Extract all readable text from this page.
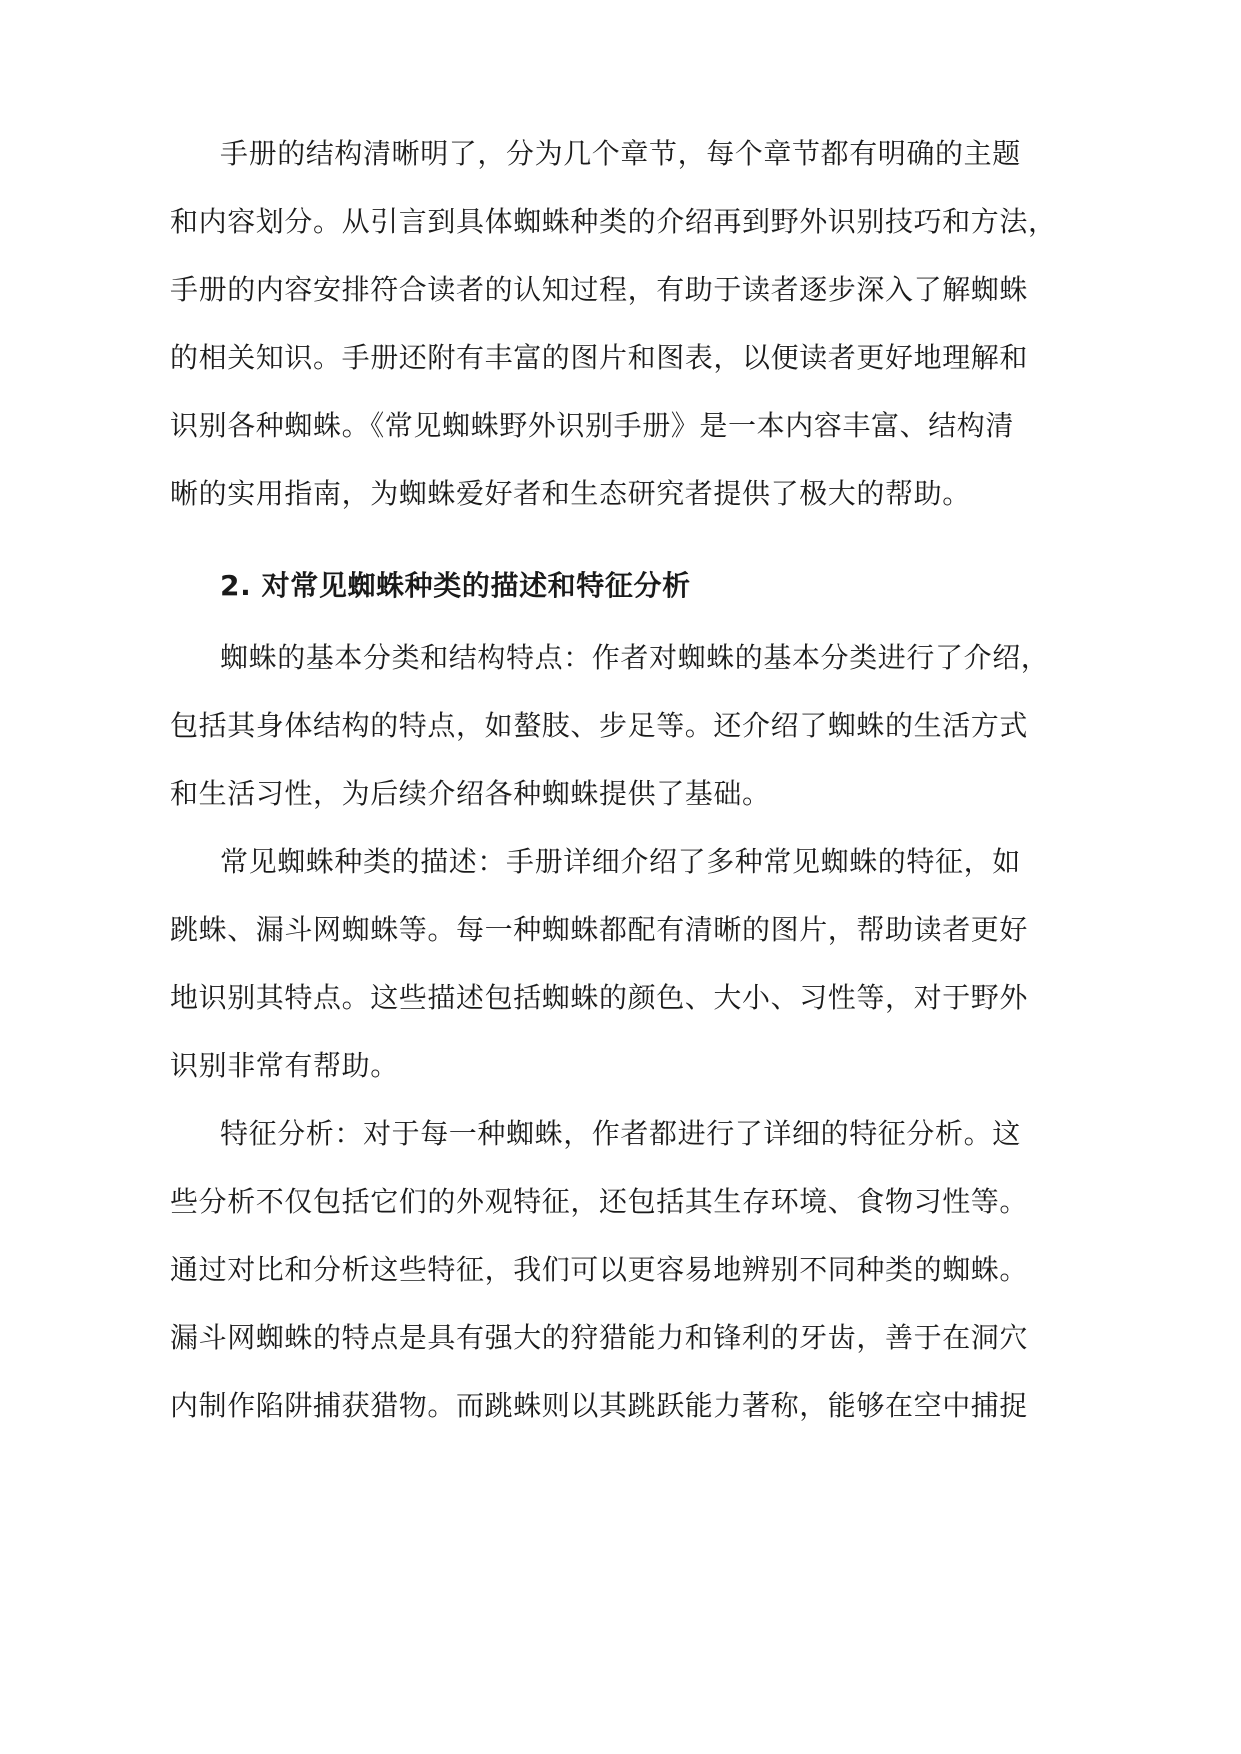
手册的结构清晰明了，分为几个章节，每个章节都有明确的主题
和内容划分。从引言到具体蜘蛛种类的介绍再到野外识别技巧和方法，
手册的内容安排符合读者的认知过程，有助于读者逐步深入了解蜘蛛
的相关知识。手册还附有丰富的图片和图表，以便读者更好地理解和
识别各种蜘蛛。《常见蜘蛛野外识别手册》是一本内容丰富、结构清
晰的实用指南，为蜘蛛爱好者和生态研究者提供了极大的帮助。
2. 对常见蜘蛛种类的描述和特征分析
蜘蛛的基本分类和结构特点：作者对蜘蛛的基本分类进行了介绍，
包括其身体结构的特点，如螯肢、步足等。还介绍了蜘蛛的生活方式
和生活习性，为后续介绍各种蜘蛛提供了基础。
常见蜘蛛种类的描述：手册详细介绍了多种常见蜘蛛的特征，如
跳蛛、漏斗网蜘蛛等。每一种蜘蛛都配有清晰的图片，帮助读者更好
地识别其特点。这些描述包括蜘蛛的颜色、大小、习性等，对于野外
识别非常有帮助。
特征分析：对于每一种蜘蛛，作者都进行了详细的特征分析。这
些分析不仅包括它们的外观特征，还包括其生存环境、食物习性等。
通过对比和分析这些特征，我们可以更容易地辨别不同种类的蜘蛛。
漏斗网蜘蛛的特点是具有强大的狩猎能力和锋利的牙齿，善于在洞穴
内制作陷阱捕获猎物。而跳蛛则以其跳跃能力著称，能够在空中捕捉
